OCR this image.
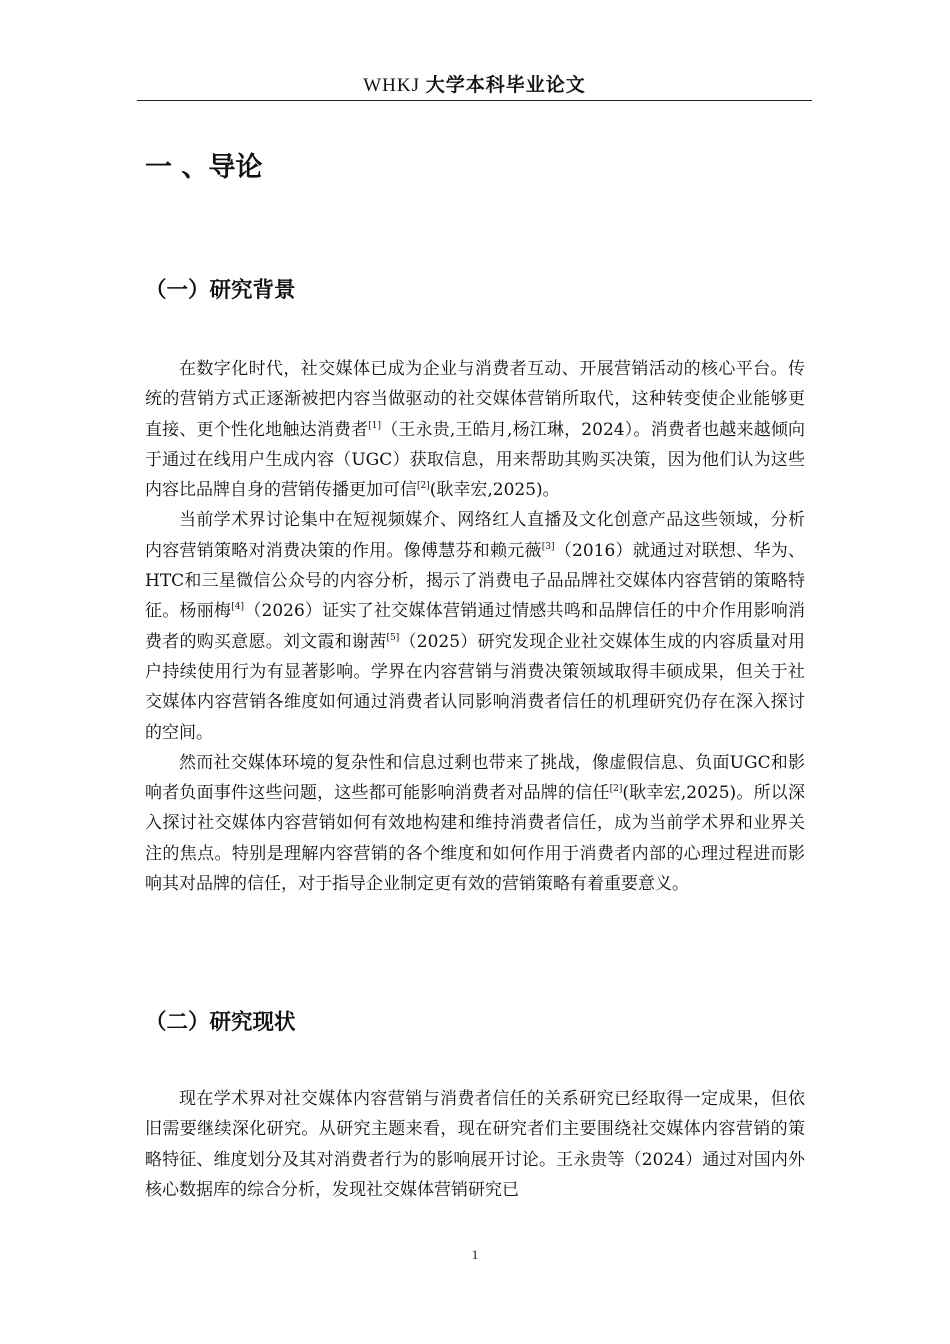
WHKJ 大学本科毕业论文
一 、导论
（一）研究背景

在数字化时代，社交媒体已成为企业与消费者互动、开展营销活动的核心平台。传统的营销方式正逐渐被把内容当做驱动的社交媒体营销所取代，这种转变使企业能够更直接、更个性化地触达消费者[1]（王永贵,王皓月,杨江琳，2024）。消费者也越来越倾向于通过在线用户生成内容（UGC）获取信息，用来帮助其购买决策，因为他们认为这些内容比品牌自身的营销传播更加可信[2](耿幸宏,2025)。

当前学术界讨论集中在短视频媒介、网络红人直播及文化创意产品这些领域，分析内容营销策略对消费决策的作用。像傅慧芬和赖元薇[3]（2016）就通过对联想、华为、HTC和三星微信公众号的内容分析，揭示了消费电子品品牌社交媒体内容营销的策略特征。杨丽梅[4]（2026）证实了社交媒体营销通过情感共鸣和品牌信任的中介作用影响消费者的购买意愿。刘文霞和谢茜[5]（2025）研究发现企业社交媒体生成的内容质量对用户持续使用行为有显著影响。学界在内容营销与消费决策领域取得丰硕成果，但关于社交媒体内容营销各维度如何通过消费者认同影响消费者信任的机理研究仍存在深入探讨的空间。

然而社交媒体环境的复杂性和信息过剩也带来了挑战，像虚假信息、负面UGC和影响者负面事件这些问题，这些都可能影响消费者对品牌的信任[2](耿幸宏,2025)。所以深入探讨社交媒体内容营销如何有效地构建和维持消费者信任，成为当前学术界和业界关注的焦点。特别是理解内容营销的各个维度和如何作用于消费者内部的心理过程进而影响其对品牌的信任，对于指导企业制定更有效的营销策略有着重要意义。

（二）研究现状

现在学术界对社交媒体内容营销与消费者信任的关系研究已经取得一定成果，但依旧需要继续深化研究。从研究主题来看，现在研究者们主要围绕社交媒体内容营销的策略特征、维度划分及其对消费者行为的影响展开讨论。王永贵等（2024）通过对国内外核心数据库的综合分析，发现社交媒体营销研究已

1
